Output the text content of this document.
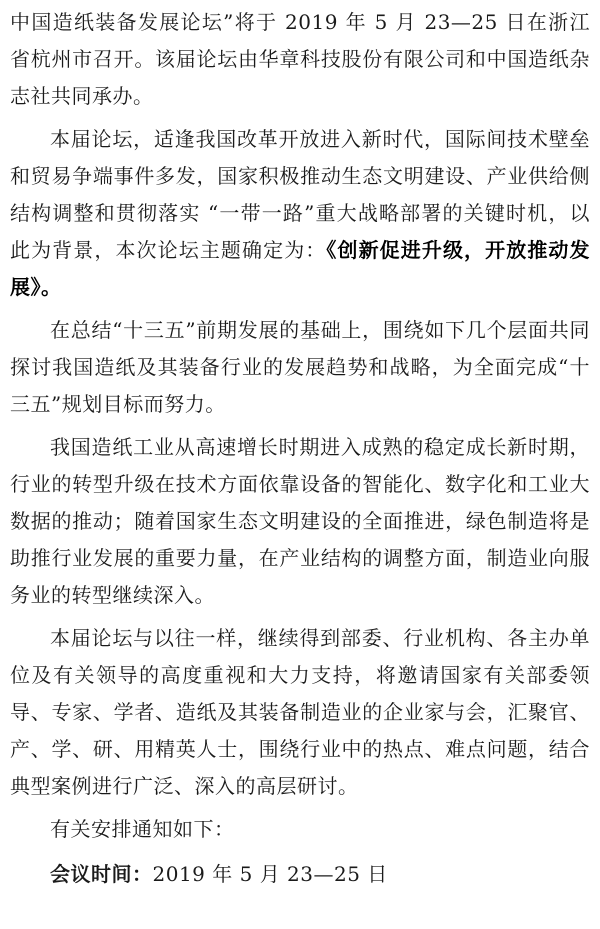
中国造纸装备发展论坛”将于 2019 年 5 月 23—25 日在浙江省杭州市召开。该届论坛由华章科技股份有限公司和中国造纸杂志社共同承办。

本届论坛，适逢我国改革开放进入新时代，国际间技术壁垒和贸易争端事件多发，国家积极推动生态文明建设、产业供给侧结构调整和贯彻落实 “一带一路”重大战略部署的关键时机，以此为背景，本次论坛主题确定为：《创新促进升级，开放推动发展》。

在总结“十三五”前期发展的基础上，围绕如下几个层面共同探讨我国造纸及其装备行业的发展趋势和战略，为全面完成“十三五”规划目标而努力。

我国造纸工业从高速增长时期进入成熟的稳定成长新时期，行业的转型升级在技术方面依靠设备的智能化、数字化和工业大数据的推动；随着国家生态文明建设的全面推进，绿色制造将是助推行业发展的重要力量，在产业结构的调整方面，制造业向服务业的转型继续深入。

本届论坛与以往一样，继续得到部委、行业机构、各主办单位及有关领导的高度重视和大力支持，将邀请国家有关部委领导、专家、学者、造纸及其装备制造业的企业家与会，汇聚官、产、学、研、用精英人士，围绕行业中的热点、难点问题，结合典型案例进行广泛、深入的高层研讨。

有关安排通知如下：

会议时间：2019 年 5 月 23—25 日
